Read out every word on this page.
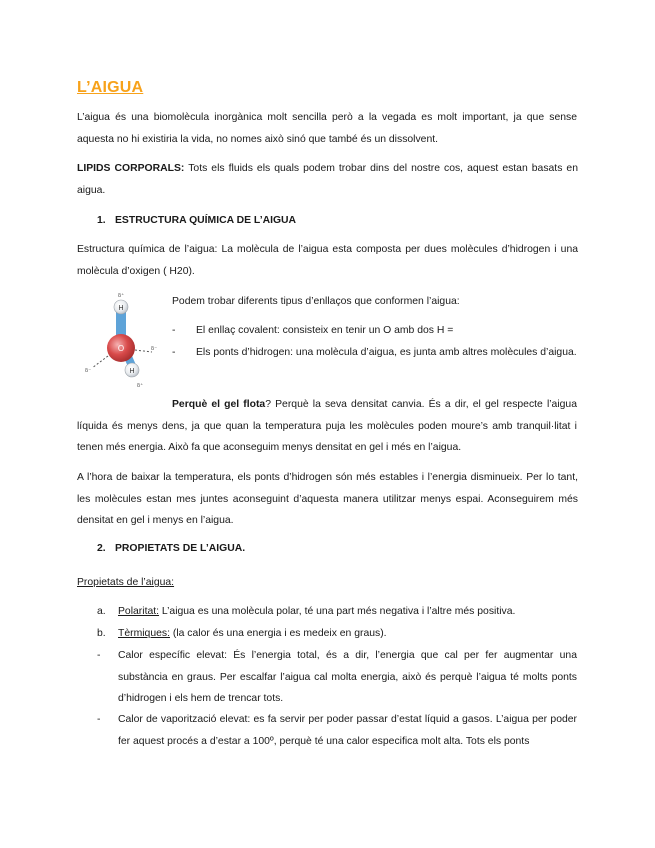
L’AIGUA

L’aigua és una biomolècula inorgànica molt sencilla però a la vegada es molt important, ja que sense aquesta no hi existiria la vida, no nomes això sinó que també és un dissolvent.

LIPIDS CORPORALS: Tots els fluids els quals podem trobar dins del nostre cos, aquest estan basats en aigua.

1. ESTRUCTURA QUÍMICA DE L’AIGUA

Estructura química de l’aigua: La molècula de l’aigua esta composta per dues molècules d’hidrogen i una molècula d’oxigen ( H20).

H
O
H
δ⁺
δ⁺
δ⁻
δ⁻

Podem trobar diferents tipus d’enllaços que conformen l’aigua:

- El enllaç covalent: consisteix en tenir un O amb dos H =
- Els ponts d’hidrogen: una molècula d’aigua, es junta amb altres molècules d’aigua.

Perquè el gel flota? Perquè la seva densitat canvia. És a dir, el gel respecte l’aigua líquida és menys dens, ja que quan la temperatura puja les molècules poden moure’s amb tranquil·litat i tenen més energia. Això fa que aconseguim menys densitat en gel i més en l’aigua.

A l’hora de baixar la temperatura, els ponts d’hidrogen són més estables i l’energia disminueix. Per lo tant, les molècules estan mes juntes aconseguint d’aquesta manera utilitzar menys espai. Aconseguirem més densitat en gel i menys en l’aigua.

2. PROPIETATS DE L’AIGUA.

Propietats de l’aigua:

a. Polaritat: L’aigua es una molècula polar, té una part més negativa i l’altre més positiva.
b. Tèrmiques: (la calor és una energia i es medeix en graus).
- Calor específic elevat: És l’energia total, és a dir, l’energia que cal per fer augmentar una substància en graus. Per escalfar l’aigua cal molta energia, això és perquè l’aigua té molts ponts d’hidrogen i els hem de trencar tots.
- Calor de vaporització elevat: es fa servir per poder passar d’estat líquid a gasos. L’aigua per poder fer aquest procés a d’estar a 100º, perquè té una calor especifica molt alta. Tots els ponts
